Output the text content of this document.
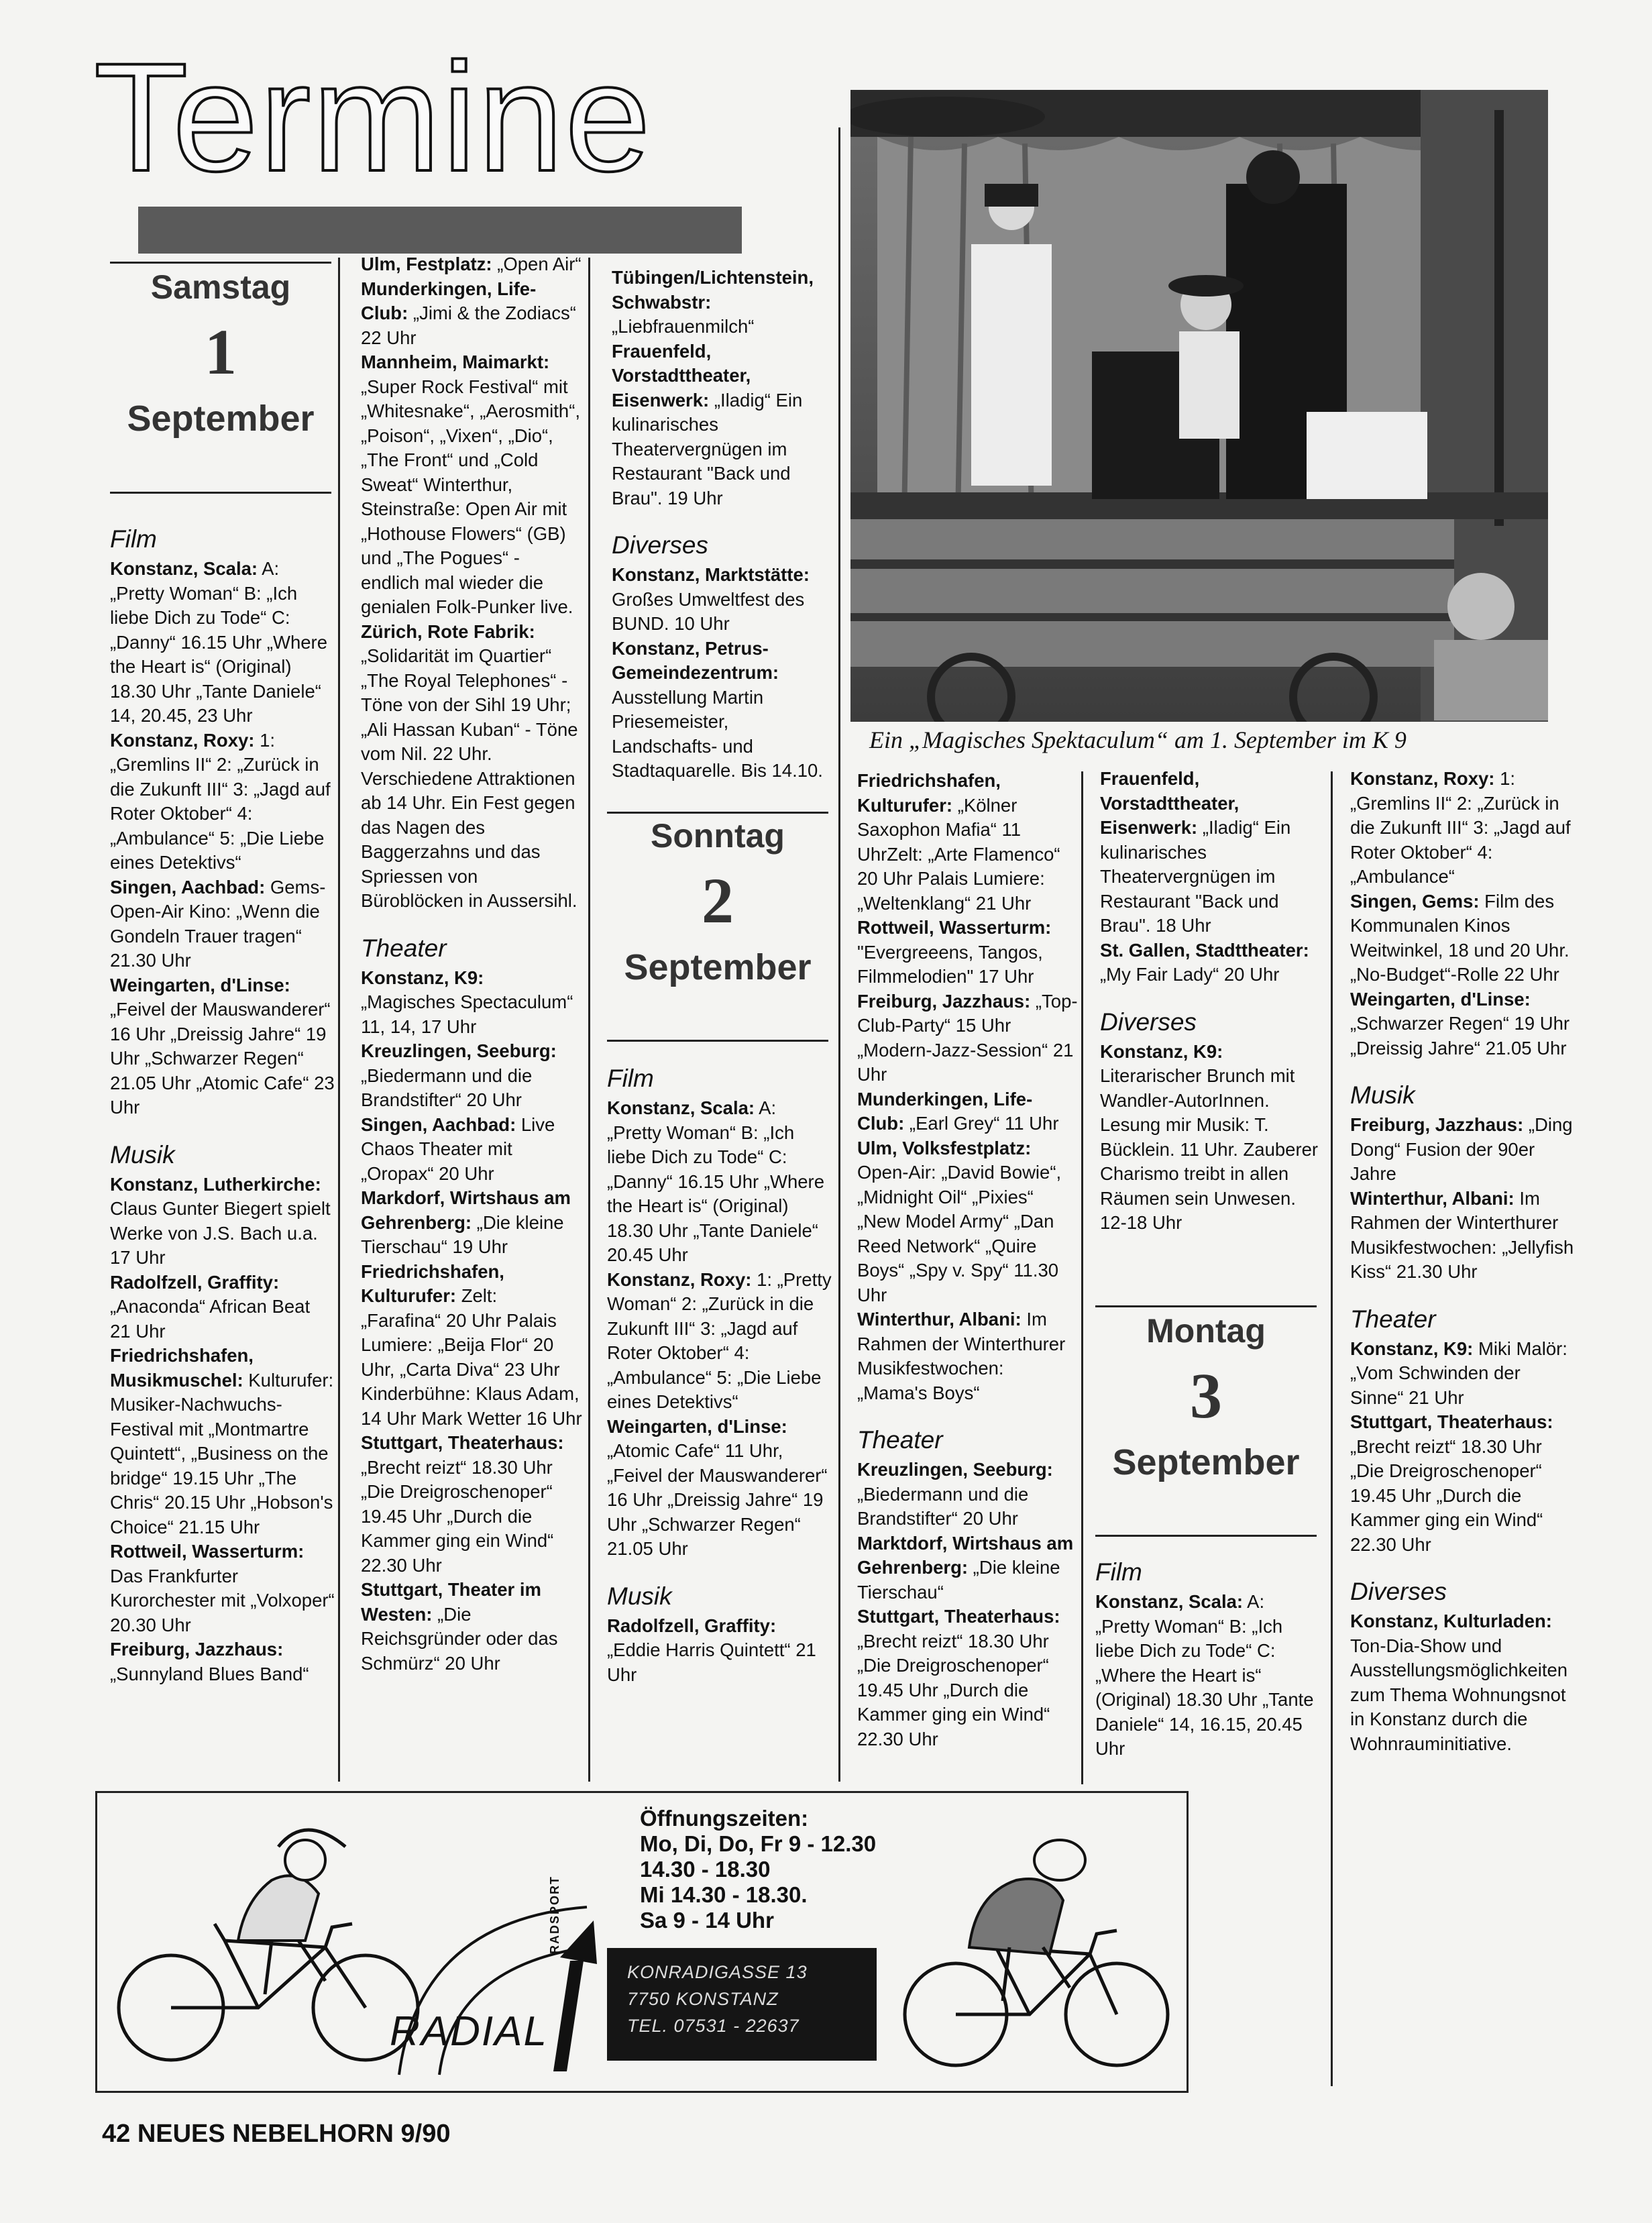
Termine
Samstag
1
September

Film

Konstanz, Scala: A: „Pretty Woman“ B: „Ich liebe Dich zu Tode“ C: „Danny“ 16.15 Uhr „Where the Heart is“ (Original) 18.30 Uhr „Tante Daniele“ 14, 20.45, 23 Uhr

Konstanz, Roxy: 1: „Gremlins II“ 2: „Zurück in die Zukunft III“ 3: „Jagd auf Roter Oktober“ 4: „Ambulance“ 5: „Die Liebe eines Detektivs“

Singen, Aachbad: Gems-Open-Air Kino: „Wenn die Gondeln Trauer tragen“ 21.30 Uhr

Weingarten, d'Linse: „Feivel der Mauswanderer“ 16 Uhr „Dreissig Jahre“ 19 Uhr „Schwarzer Regen“ 21.05 Uhr „Atomic Cafe“ 23 Uhr

Musik

Konstanz, Lutherkirche: Claus Gunter Biegert spielt Werke von J.S. Bach u.a. 17 Uhr

Radolfzell, Graffity: „Anaconda“ African Beat 21 Uhr

Friedrichshafen, Musikmuschel: Kulturufer: Musiker-Nachwuchs-Festival mit „Montmartre Quintett“, „Business on the bridge“ 19.15 Uhr „The Chris“ 20.15 Uhr „Hobson's Choice“ 21.15 Uhr

Rottweil, Wasserturm: Das Frankfurter Kurorchester mit „Volxoper“ 20.30 Uhr

Freiburg, Jazzhaus: „Sunnyland Blues Band“

Ulm, Festplatz: „Open Air“

Munderkingen, Life-Club: „Jimi & the Zodiacs“ 22 Uhr

Mannheim, Maimarkt: „Super Rock Festival“ mit „Whitesnake“, „Aerosmith“, „Poison“, „Vixen“, „Dio“, „The Front“ und „Cold Sweat“ Winterthur, Steinstraße: Open Air mit „Hothouse Flowers“ (GB) und „The Pogues“ - endlich mal wieder die genialen Folk-Punker live.

Zürich, Rote Fabrik: „Solidarität im Quartier“ „The Royal Telephones“ - Töne von der Sihl 19 Uhr; „Ali Hassan Kuban“ - Töne vom Nil. 22 Uhr. Verschiedene Attraktionen ab 14 Uhr. Ein Fest gegen das Nagen des Baggerzahns und das Spriessen von Büroblöcken in Aussersihl.

Theater

Konstanz, K9: „Magisches Spectaculum“ 11, 14, 17 Uhr

Kreuzlingen, Seeburg: „Biedermann und die Brandstifter“ 20 Uhr

Singen, Aachbad: Live Chaos Theater mit „Oropax“ 20 Uhr

Markdorf, Wirtshaus am Gehrenberg: „Die kleine Tierschau“ 19 Uhr

Friedrichshafen, Kulturufer: Zelt: „Farafina“ 20 Uhr Palais Lumiere: „Beija Flor“ 20 Uhr, „Carta Diva“ 23 Uhr Kinderbühne: Klaus Adam, 14 Uhr Mark Wetter 16 Uhr

Stuttgart, Theaterhaus: „Brecht reizt“ 18.30 Uhr „Die Dreigroschenoper“ 19.45 Uhr „Durch die Kammer ging ein Wind“ 22.30 Uhr

Stuttgart, Theater im Westen: „Die Reichsgründer oder das Schmürz“ 20 Uhr

Tübingen/Lichtenstein, Schwabstr: „Liebfrauenmilch“

Frauenfeld, Vorstadttheater, Eisenwerk: „Iladig“ Ein kulinarisches Theatervergnügen im Restaurant "Back und Brau". 19 Uhr

Diverses

Konstanz, Marktstätte: Großes Umweltfest des BUND. 10 Uhr

Konstanz, Petrus-Gemeindezentrum: Ausstellung Martin Priesemeister, Landschafts- und Stadtaquarelle. Bis 14.10.

Sonntag
2
September

Film

Konstanz, Scala: A: „Pretty Woman“ B: „Ich liebe Dich zu Tode“ C: „Danny“ 16.15 Uhr „Where the Heart is“ (Original) 18.30 Uhr „Tante Daniele“ 20.45 Uhr

Konstanz, Roxy: 1: „Pretty Woman“ 2: „Zurück in die Zukunft III“ 3: „Jagd auf Roter Oktober“ 4: „Ambulance“ 5: „Die Liebe eines Detektivs“

Weingarten, d'Linse: „Atomic Cafe“ 11 Uhr, „Feivel der Mauswanderer“ 16 Uhr „Dreissig Jahre“ 19 Uhr „Schwarzer Regen“ 21.05 Uhr

Musik

Radolfzell, Graffity: „Eddie Harris Quintett“ 21 Uhr

Ein „Magisches Spektaculum“ am 1. September im K 9

Friedrichshafen, Kulturufer: „Kölner Saxophon Mafia“ 11 UhrZelt: „Arte Flamenco“ 20 Uhr Palais Lumiere: „Weltenklang“ 21 Uhr

Rottweil, Wasserturm: "Evergreeens, Tangos, Filmmelodien" 17 Uhr

Freiburg, Jazzhaus: „Top-Club-Party“ 15 Uhr „Modern-Jazz-Session“ 21 Uhr

Munderkingen, Life-Club: „Earl Grey“ 11 Uhr

Ulm, Volksfestplatz: Open-Air: „David Bowie“, „Midnight Oil“ „Pixies“ „New Model Army“ „Dan Reed Network“ „Quire Boys“ „Spy v. Spy“ 11.30 Uhr

Winterthur, Albani: Im Rahmen der Winterthurer Musikfestwochen: „Mama's Boys“

Theater

Kreuzlingen, Seeburg: „Biedermann und die Brandstifter“ 20 Uhr

Marktdorf, Wirtshaus am Gehrenberg: „Die kleine Tierschau“

Stuttgart, Theaterhaus: „Brecht reizt“ 18.30 Uhr „Die Dreigroschenoper“ 19.45 Uhr „Durch die Kammer ging ein Wind“ 22.30 Uhr

Frauenfeld, Vorstadttheater, Eisenwerk: „Iladig“ Ein kulinarisches Theatervergnügen im Restaurant "Back und Brau". 18 Uhr

St. Gallen, Stadttheater: „My Fair Lady“ 20 Uhr

Diverses

Konstanz, K9: Literarischer Brunch mit Wandler-AutorInnen. Lesung mir Musik: T. Bücklein. 11 Uhr. Zauberer Charismo treibt in allen Räumen sein Unwesen. 12-18 Uhr

Montag
3
September

Film

Konstanz, Scala: A: „Pretty Woman“ B: „Ich liebe Dich zu Tode“ C: „Where the Heart is“ (Original) 18.30 Uhr „Tante Daniele“ 14, 16.15, 20.45 Uhr

Konstanz, Roxy: 1: „Gremlins II“ 2: „Zurück in die Zukunft III“ 3: „Jagd auf Roter Oktober“ 4: „Ambulance“

Singen, Gems: Film des Kommunalen Kinos Weitwinkel, 18 und 20 Uhr. „No-Budget“-Rolle 22 Uhr

Weingarten, d'Linse: „Schwarzer Regen“ 19 Uhr „Dreissig Jahre“ 21.05 Uhr

Musik

Freiburg, Jazzhaus: „Ding Dong“ Fusion der 90er Jahre

Winterthur, Albani: Im Rahmen der Winterthurer Musikfestwochen: „Jellyfish Kiss“ 21.30 Uhr

Theater

Konstanz, K9: Miki Malör: „Vom Schwinden der Sinne“ 21 Uhr

Stuttgart, Theaterhaus: „Brecht reizt“ 18.30 Uhr „Die Dreigroschenoper“ 19.45 Uhr „Durch die Kammer ging ein Wind“ 22.30 Uhr

Diverses

Konstanz, Kulturladen: Ton-Dia-Show und Ausstellungsmöglichkeiten zum Thema Wohnungsnot in Konstanz durch die Wohnrauminitiative.

RADIAL
RADSPORT
Öffnungszeiten:
Mo, Di, Do, Fr 9 - 12.30
14.30 - 18.30
Mi 14.30 - 18.30.
Sa 9 - 14 Uhr
KONRADIGASSE 13
7750 KONSTANZ
TEL. 07531 - 22637
42 NEUES NEBELHORN 9/90
